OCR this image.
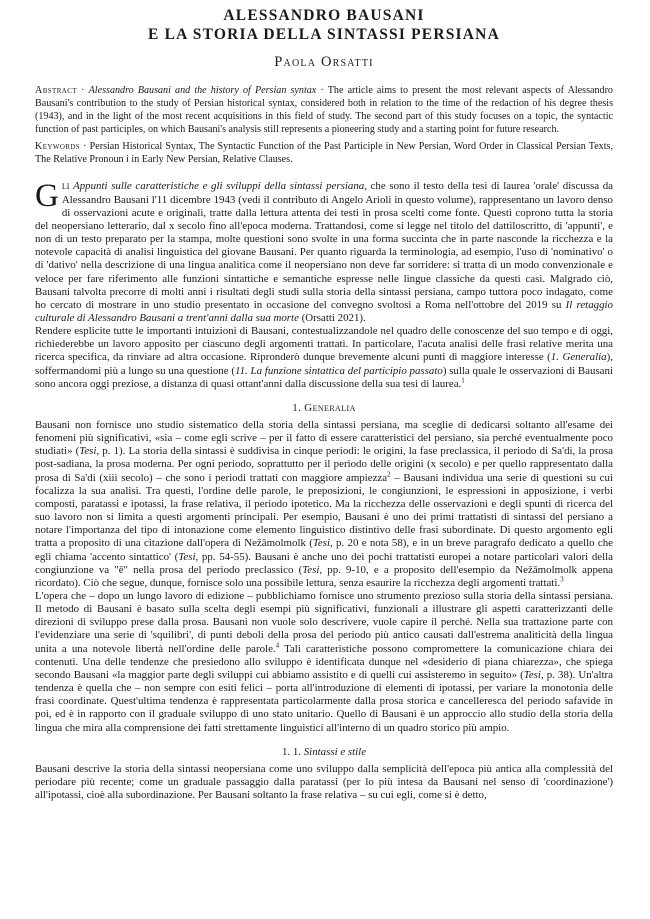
ALESSANDRO BAUSANI
E LA STORIA DELLA SINTASSI PERSIANA
Paola Orsatti

Abstract · Alessandro Bausani and the history of Persian syntax · The article aims to present the most relevant aspects of Alessandro Bausani's contribution to the study of Persian historical syntax, considered both in relation to the time of the redaction of his degree thesis (1943), and in the light of the most recent acquisitions in this field of study. The second part of this study focuses on a topic, the syntactic function of past participles, on which Bausani's analysis still represents a pioneering study and a starting point for future research.

Keywords · Persian Historical Syntax, The Syntactic Function of the Past Participle in New Persian, Word Order in Classical Persian Texts, The Relative Pronoun i in Early New Persian, Relative Clauses.

Gli Appunti sulle caratteristiche e gli sviluppi della sintassi persiana, che sono il testo della tesi di laurea 'orale' discussa da Alessandro Bausani l'11 dicembre 1943 (vedi il contributo di Angelo Arioli in questo volume), rappresentano un lavoro denso di osservazioni acute e originali, tratte dalla lettura attenta dei testi in prosa scelti come fonte. Questi coprono tutta la storia del neopersiano letterario, dal x secolo fino all'epoca moderna. Trattandosi, come si legge nel titolo del dattiloscritto, di 'appunti', e non di un testo preparato per la stampa, molte questioni sono svolte in una forma succinta che in parte nasconde la ricchezza e la notevole capacità di analisi linguistica del giovane Bausani. Per quanto riguarda la terminologia, ad esempio, l'uso di 'nominativo' o di 'dativo' nella descrizione di una lingua analitica come il neopersiano non deve far sorridere: si tratta di un modo convenzionale e veloce per fare riferimento alle funzioni sintattiche e semantiche espresse nelle lingue classiche da questi casi. Malgrado ciò, Bausani talvolta precorre di molti anni i risultati degli studi sulla storia della sintassi persiana, campo tuttora poco indagato, come ho cercato di mostrare in uno studio presentato in occasione del convegno svoltosi a Roma nell'ottobre del 2019 su Il retaggio culturale di Alessandro Bausani a trent'anni dalla sua morte (Orsatti 2021).

Rendere esplicite tutte le importanti intuizioni di Bausani, contestualizzandole nel quadro delle conoscenze del suo tempo e di oggi, richiederebbe un lavoro apposito per ciascuno degli argomenti trattati. In particolare, l'acuta analisi delle frasi relative merita una ricerca specifica, da rinviare ad altra occasione. Ripronderò dunque brevemente alcuni punti di maggiore interesse (1. Generalia), soffermandomi più a lungo su una questione (11. La funzione sintattica del participio passato) sulla quale le osservazioni di Bausani sono ancora oggi preziose, a distanza di quasi ottant'anni dalla discussione della sua tesi di laurea.$^1$

1. Generalia

Bausani non fornisce uno studio sistematico della storia della sintassi persiana, ma sceglie di dedicarsi soltanto all'esame dei fenomeni più significativi, «sia – come egli scrive – per il fatto di essere caratteristici del persiano, sia perché eventualmente poco studiati» (Tesi, p. 1). La storia della sintassi è suddivisa in cinque periodi: le origini, la fase preclassica, il periodo di Sa'di, la prosa post-sadiana, la prosa moderna. Per ogni periodo, soprattutto per il periodo delle origini (x secolo) e per quello rappresentato dalla prosa di Sa'di (xiii secolo) – che sono i periodi trattati con maggiore ampiezza$^2$ – Bausani individua una serie di questioni su cui focalizza la sua analisi. Tra questi, l'ordine delle parole, le preposizioni, le congiunzioni, le espressioni in apposizione, i verbi composti, paratassi e ipotassi, la frase relativa, il periodo ipotetico. Ma la ricchezza delle osservazioni e degli spunti di ricerca del suo lavoro non si limita a questi argomenti principali. Per esempio, Bausani è uno dei primi trattatisti di sintassi del persiano a notare l'importanza del tipo di intonazione come elemento linguistico distintivo delle frasi subordinate. Di questo argomento egli tratta a proposito di una citazione dall'opera di Nežāmolmolk (Tesi, p. 20 e nota 58), e in un breve paragrafo dedicato a quello che egli chiama 'accento sintattico' (Tesi, pp. 54-55). Bausani è anche uno dei pochi trattatisti europei a notare particolari valori della congiunzione va "ē" nella prosa del periodo preclassico (Tesi, pp. 9-10, e a proposito dell'esempio da Nežāmolmolk appena ricordato). Ciò che segue, dunque, fornisce solo una possibile lettura, senza esaurire la ricchezza degli argomenti trattati.$^3$

L'opera che – dopo un lungo lavoro di edizione – pubblichiamo fornisce uno strumento prezioso sulla storia della sintassi persiana. Il metodo di Bausani è basato sulla scelta degli esempi più significativi, funzionali a illustrare gli aspetti caratterizzanti delle direzioni di sviluppo prese dalla prosa. Bausani non vuole solo descrivere, vuole capire il perché. Nella sua trattazione parte con l'evidenziare una serie di 'squilibri', di punti deboli della prosa del periodo più antico causati dall'estrema analiticità della lingua unita a una notevole libertà nell'ordine delle parole.$^4$ Tali caratteristiche possono compromettere la comunicazione chiara dei contenuti. Una delle tendenze che presiedono allo sviluppo è identificata dunque nel «desiderio di piana chiarezza», che spiega secondo Bausani «la maggior parte degli sviluppi cui abbiamo assistito e di quelli cui assisteremo in seguito» (Tesi, p. 38). Un'altra tendenza è quella che – non sempre con esiti felici – porta all'introduzione di elementi di ipotassi, per variare la monotonia delle frasi coordinate. Quest'ultima tendenza è rappresentata particolarmente dalla prosa storica e cancelleresca del periodo safavide in poi, ed è in rapporto con il graduale sviluppo di uno stato unitario. Quello di Bausani è un approccio allo studio della storia della lingua che mira alla comprensione dei fatti strettamente linguistici all'interno di un quadro storico più ampio.

1. 1. Sintassi e stile

Bausani descrive la storia della sintassi neopersiana come uno sviluppo dalla semplicità dell'epoca più antica alla complessità del periodare più recente; come un graduale passaggio dalla paratassi (per lo più intesa da Bausani nel senso di 'coordinazione') all'ipotassi, cioè alla subordinazione. Per Bausani soltanto la frase relativa – su cui egli, come si è detto,
